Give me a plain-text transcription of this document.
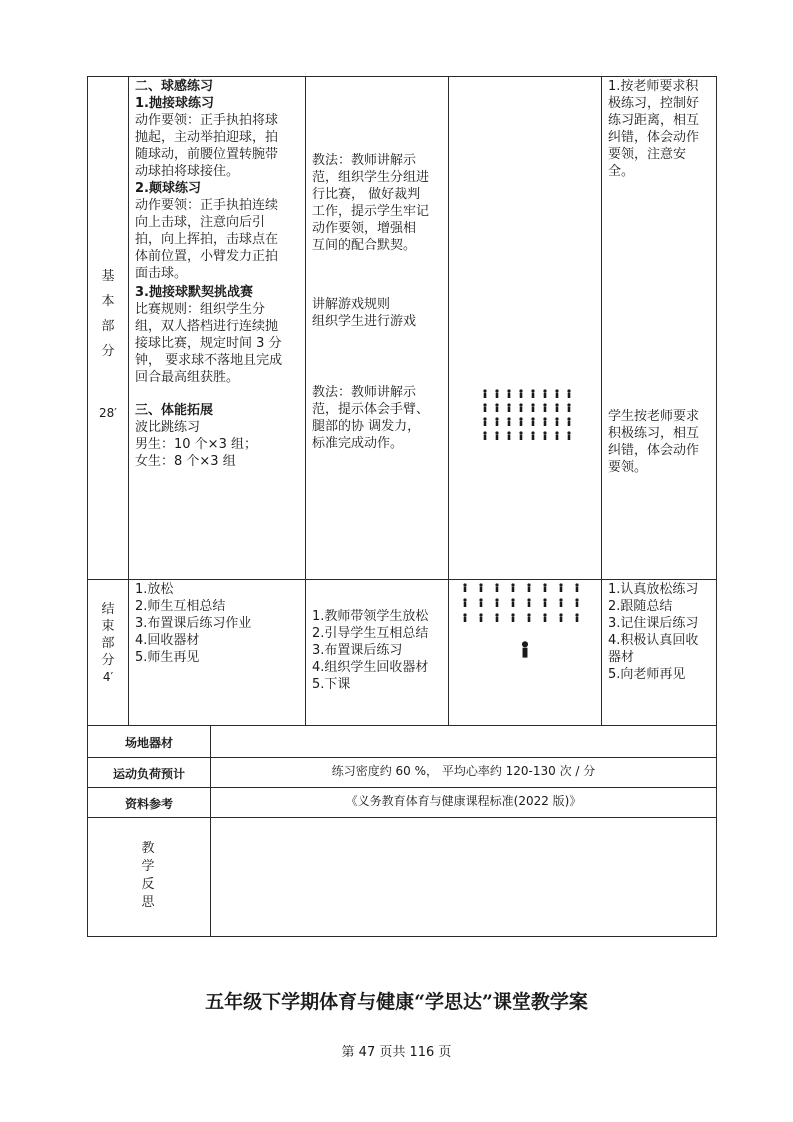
基
本
部
分
28′
二、球感练习
1.抛接球练习
动作要领：正手执拍将球
抛起，主动举拍迎球，拍
随球动，前腰位置转腕带
动球拍将球接住。
2.颠球练习
动作要领：正手执拍连续
向上击球，注意向后引
拍，向上挥拍，击球点在
体前位置，小臂发力正拍
面击球。
3.抛接球默契挑战赛
比赛规则：组织学生分
组，双人搭档进行连续抛
接球比赛，规定时间 3 分
钟， 要求球不落地且完成
回合最高组获胜。
三、体能拓展
波比跳练习
男生：10 个×3 组；
女生：8 个×3 组
教法：教师讲解示
范，组织学生分组进
行比赛， 做好裁判
工作，提示学生牢记
动作要领，增强相
互间的配合默契。
讲解游戏规则
组织学生进行游戏
教法：教师讲解示
范，提示体会手臂、
腿部的协 调发力，
标准完成动作。
1.按老师要求积
极练习，控制好
练习距离，相互
纠错，体会动作
要领，注意安
全。
学生按老师要求
积极练习，相互
纠错，体会动作
要领。
结
束
部
分
4′
1.放松
2.师生互相总结
3.布置课后练习作业
4.回收器材
5.师生再见
1.教师带领学生放松
2.引导学生互相总结
3.布置课后练习
4.组织学生回收器材
5.下课
1.认真放松练习
2.跟随总结
3.记住课后练习
4.积极认真回收
器材
5.向老师再见
场地器材
运动负荷预计	练习密度约 60 %， 平均心率约 120-130 次 / 分
资料参考	《义务教育体育与健康课程标准(2022 版)》
教
学
反
思
五年级下学期体育与健康“学思达”课堂教学案
第 47 页共 116 页
